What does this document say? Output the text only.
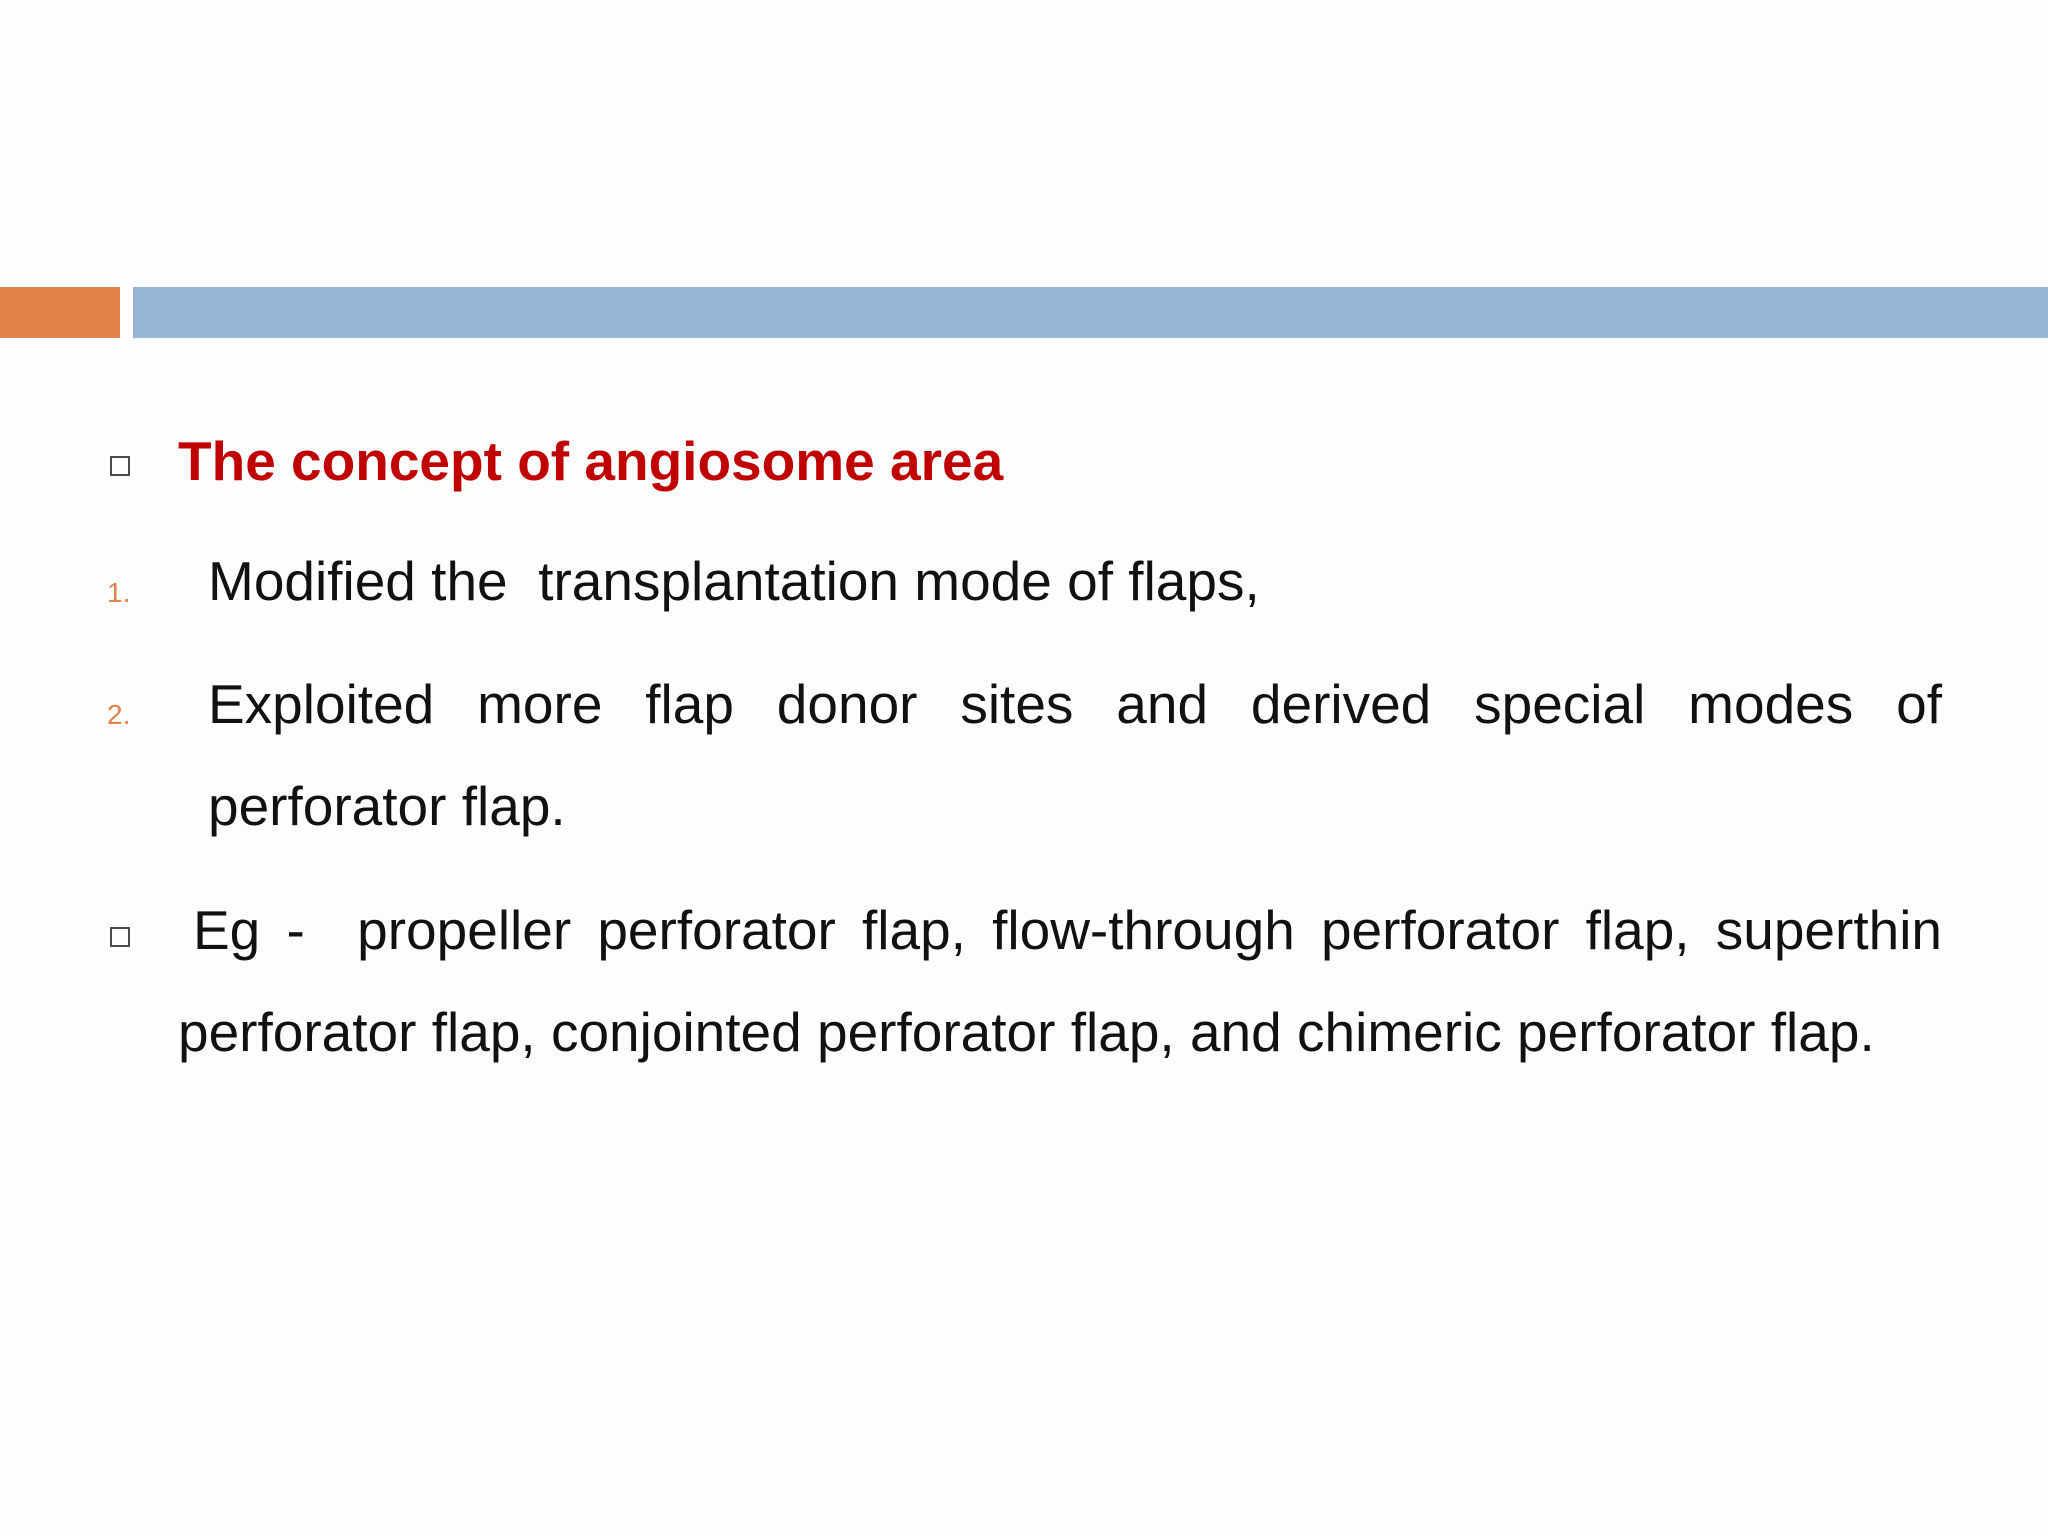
The concept of angiosome area
1. Modified the  transplantation mode of flaps,
2. Exploited more flap donor sites and derived special modes of
perforator flap.
Eg -  propeller perforator flap, flow-through perforator flap, superthin
perforator flap, conjointed perforator flap, and chimeric perforator flap.
